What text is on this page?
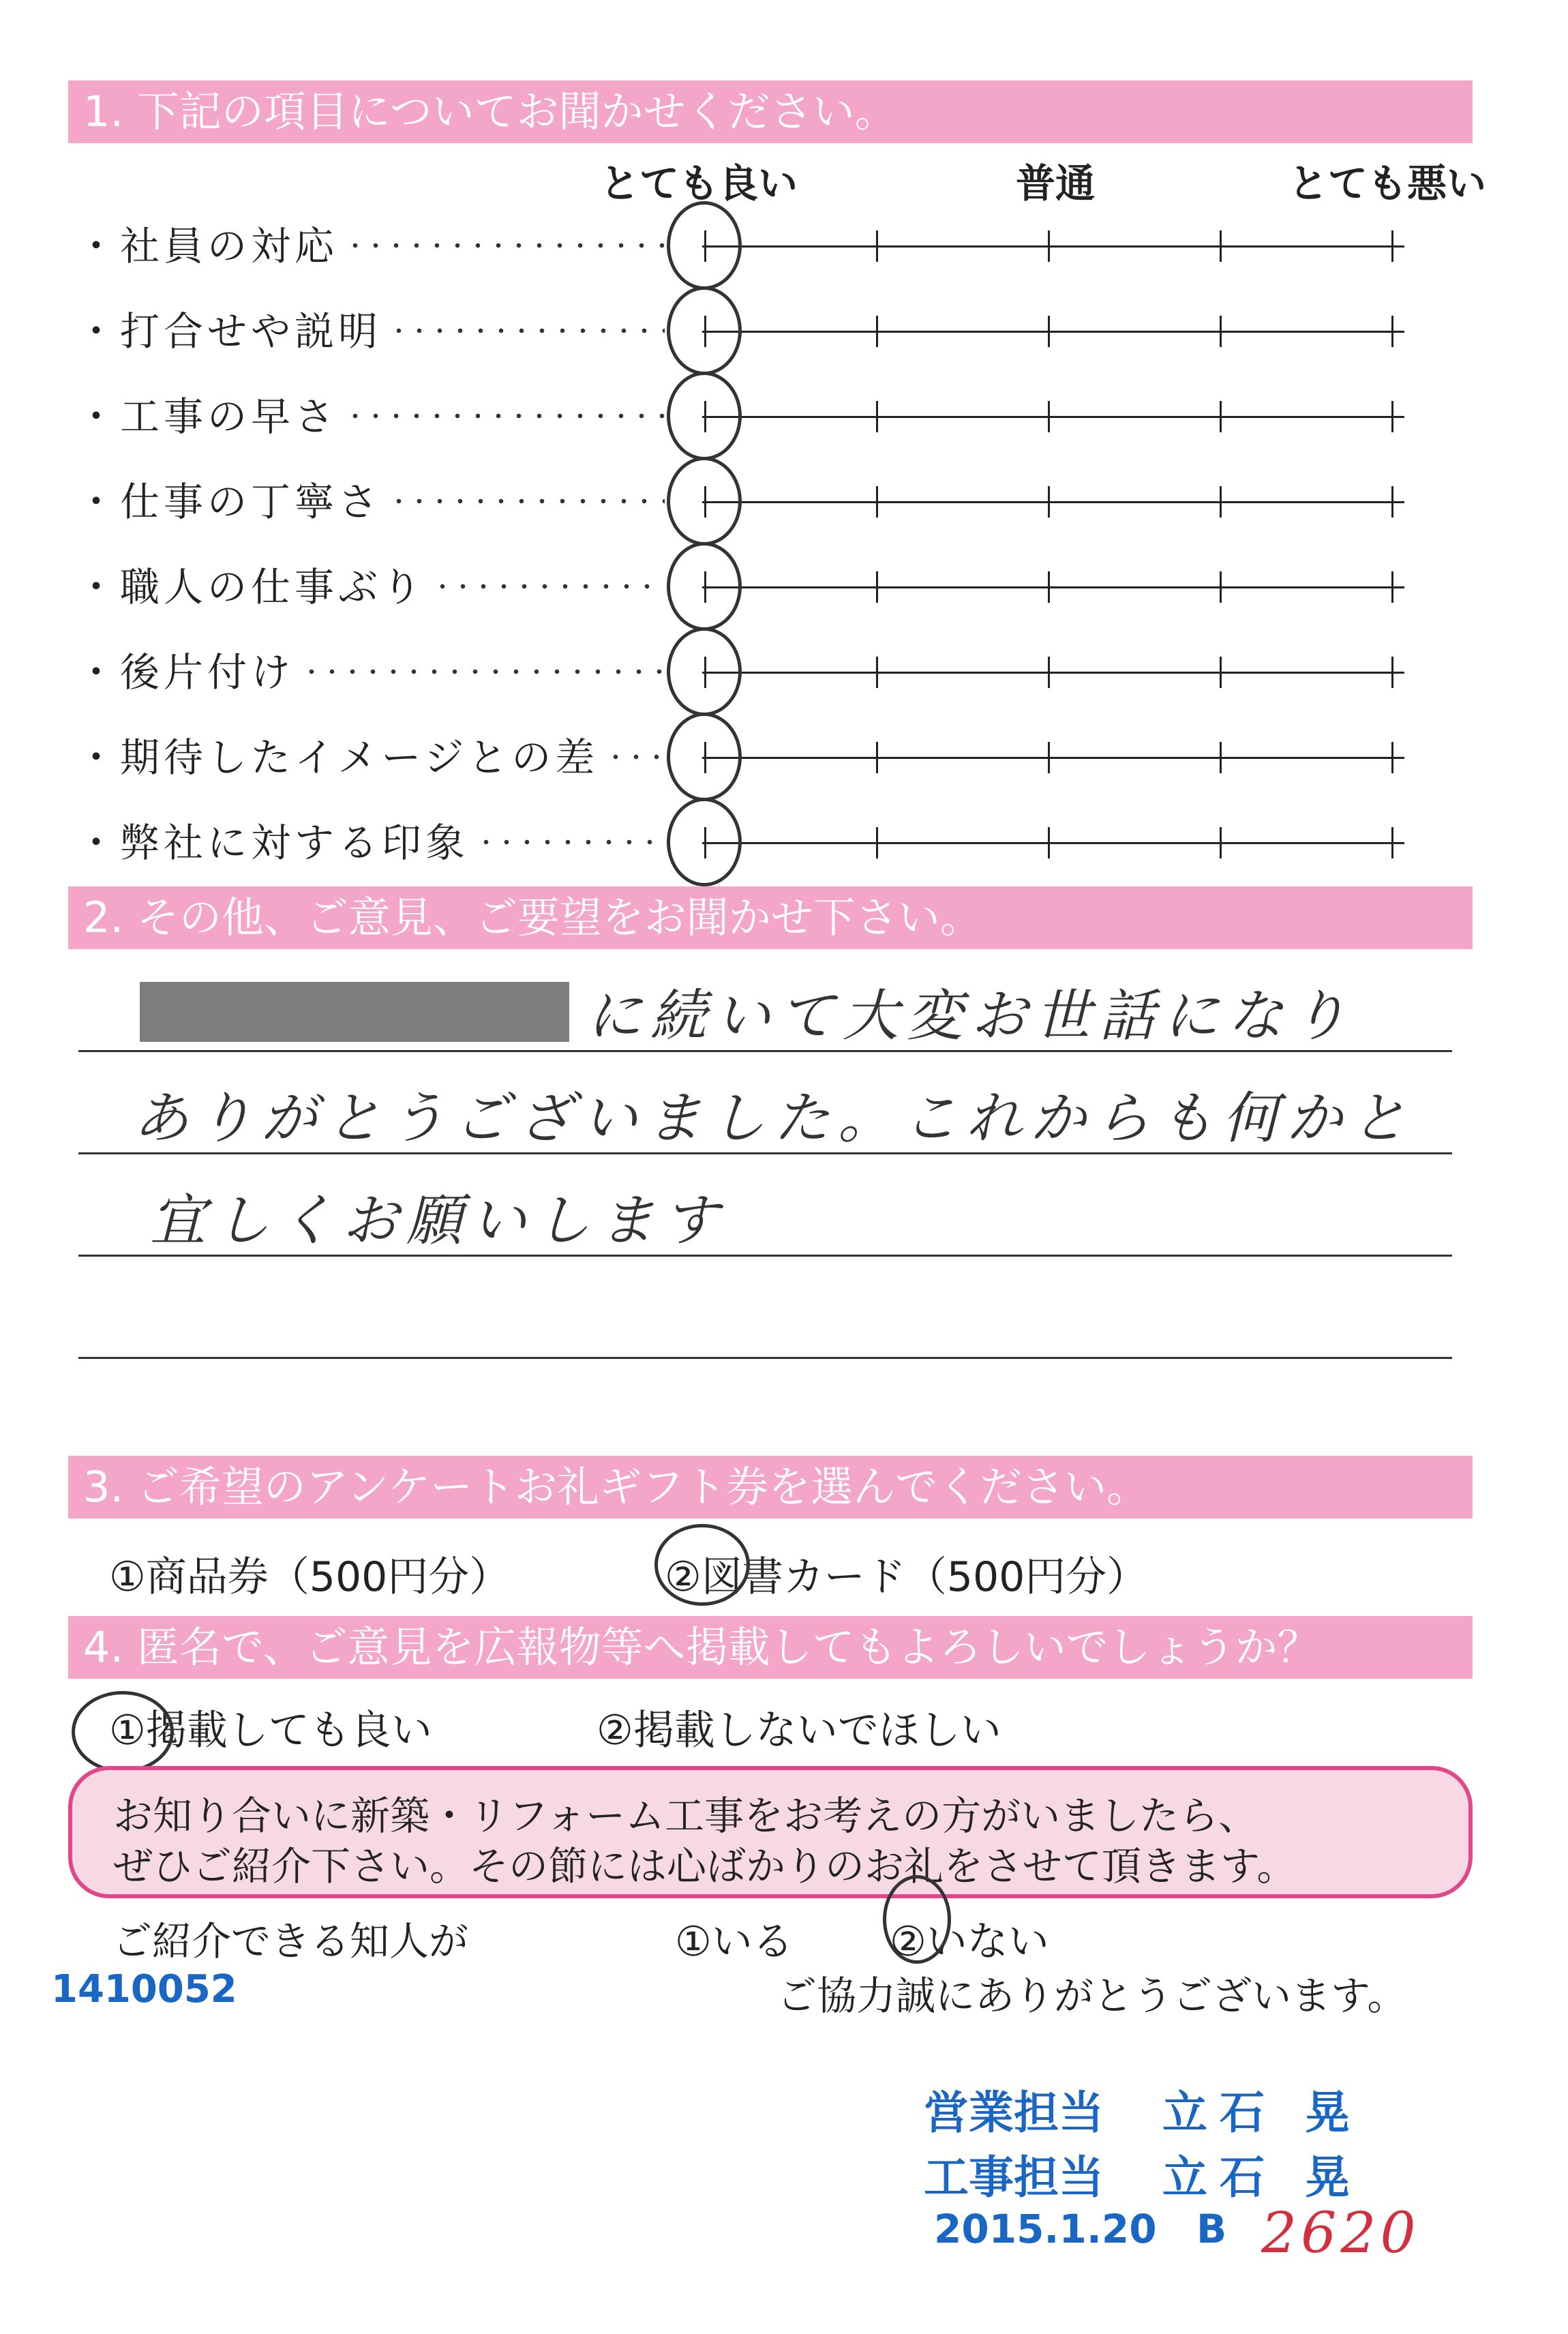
1. 下記の項目についてお聞かせください。
とても良い	普通	とても悪い
・社員の対応
・打合せや説明
・工事の早さ
・仕事の丁寧さ
・職人の仕事ぶり
・後片付け
・期待したイメージとの差
・弊社に対する印象
2. その他、ご意見、ご要望をお聞かせ下さい。
に続いて大変お世話になり
ありがとうございました。これからも何かと
宜しくお願いします
3. ご希望のアンケートお礼ギフト券を選んでください。
①商品券（500円分）	②図書カード（500円分）
4. 匿名で、ご意見を広報物等へ掲載してもよろしいでしょうか？
①掲載しても良い	②掲載しないでほしい
お知り合いに新築・リフォーム工事をお考えの方がいましたら、
ぜひご紹介下さい。その節には心ばかりのお礼をさせて頂きます。
ご紹介できる知人が	①いる ②いない
ご協力誠にありがとうございます。
1410052
営業担当 立石 晃
工事担当 立石 晃
2015.1.20 B 2620
